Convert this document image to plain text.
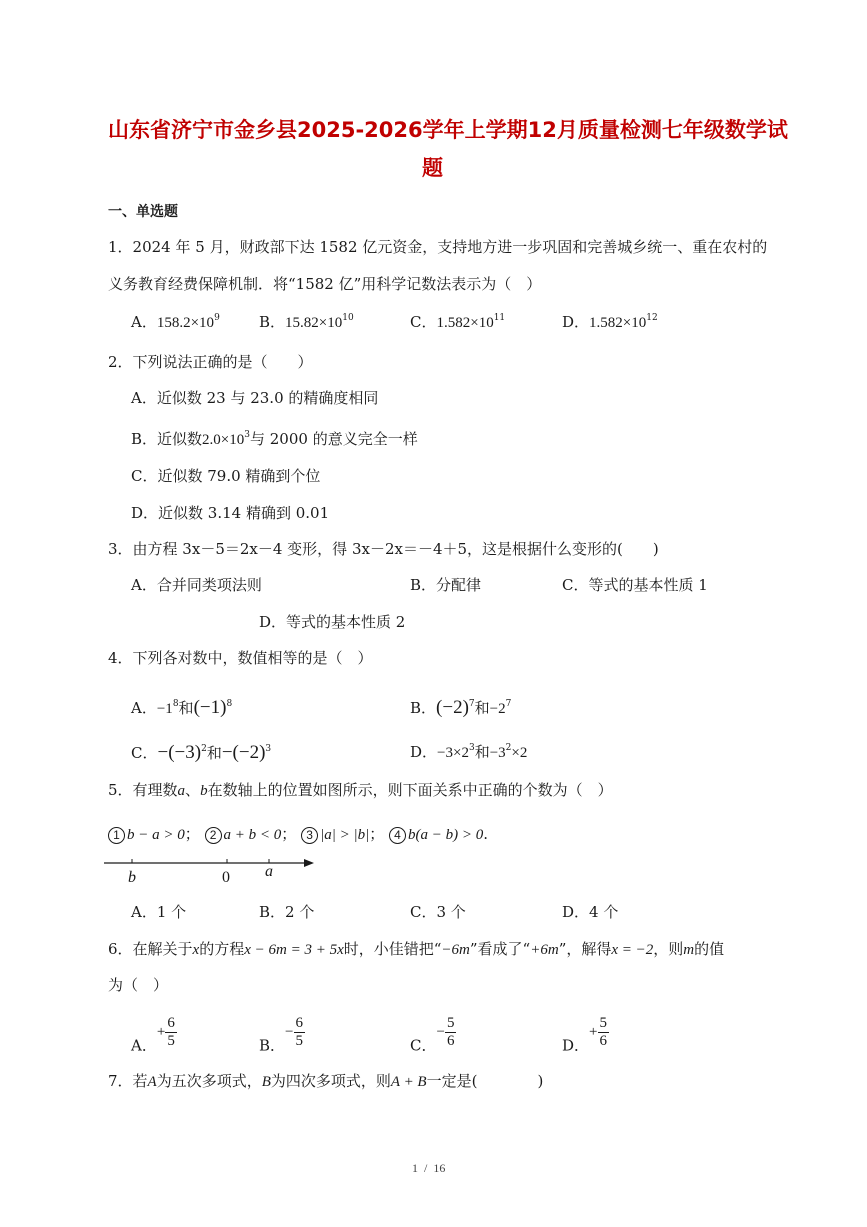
山东省济宁市金乡县2025-2026学年上学期12月质量检测七年级数学试
题
一、单选题
1．2024 年 5 月，财政部下达 1582 亿元资金，支持地方进一步巩固和完善城乡统一、重在农村的
义务教育经费保障机制．将“1582 亿”用科学记数法表示为（　）
A．$158.2\times 10^9$	B．$15.82\times 10^{10}$	C．$1.582\times 10^{11}$	D．$1.582\times 10^{12}$
2．下列说法正确的是（　　）
A．近似数 23 与 23.0 的精确度相同
B．近似数$2.0\times 10^3$与 2000 的意义完全一样
C．近似数 79.0 精确到个位
D．近似数 3.14 精确到 0.01
3．由方程 3x－5＝2x－4 变形，得 3x－2x＝－4＋5，这是根据什么变形的(　　)
A．合并同类项法则	B．分配律	C．等式的基本性质 1
D．等式的基本性质 2
4．下列各对数中，数值相等的是（　）
A．$-1^8$和$(-1)^8$	B．$(-2)^7$和$-2^7$
C．$-(-3)^2$和$-(-2)^3$	D．$-3\times 2^3$和$-3^2\times 2$
5．有理数a、b在数轴上的位置如图所示，则下面关系中正确的个数为（　）
1 b − a > 0； 2 a + b < 0； 3 |a| > |b|； 4 b(a − b) > 0.
b	0 a
A．1 个	B．2 个	C．3 个	D．4 个
6．在解关于x的方程x − 6m = 3 + 5x时，小佳错把“−6m”看成了“+6m”，解得x = −2，则m的值
为（　）
A．+ $\frac{6}{5}$	B．− $\frac{6}{5}$	C．− $\frac{5}{6}$	D．+ $\frac{5}{6}$
7．若A为五次多项式，B为四次多项式，则A + B一定是(　　　　)
1  /  16
